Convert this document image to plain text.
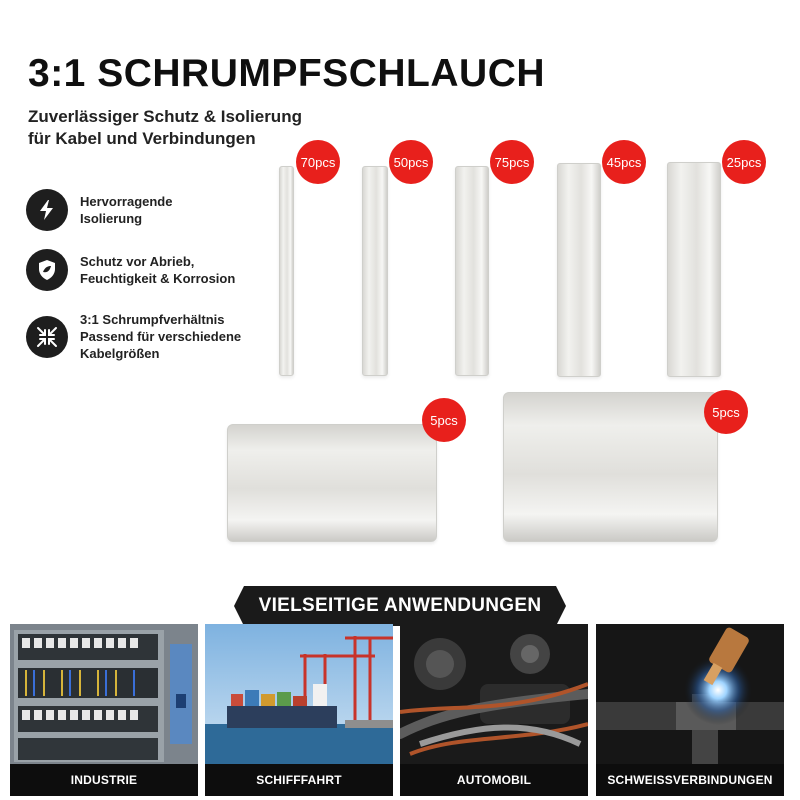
3:1 SCHRUMPFSCHLAUCH
Zuverlässiger Schutz & Isolierung
für Kabel und Verbindungen
Hervorragende
Isolierung
Schutz vor Abrieb,
Feuchtigkeit & Korrosion
3:1 Schrumpfverhältnis
Passend für verschiedene
Kabelgrößen
70pcs	50pcs	75pcs	45pcs	25pcs
5pcs
5pcs
VIELSEITIGE ANWENDUNGEN
INDUSTRIE	SCHIFFFAHRT	AUTOMOBIL	SCHWEISSVERBINDUNGEN
